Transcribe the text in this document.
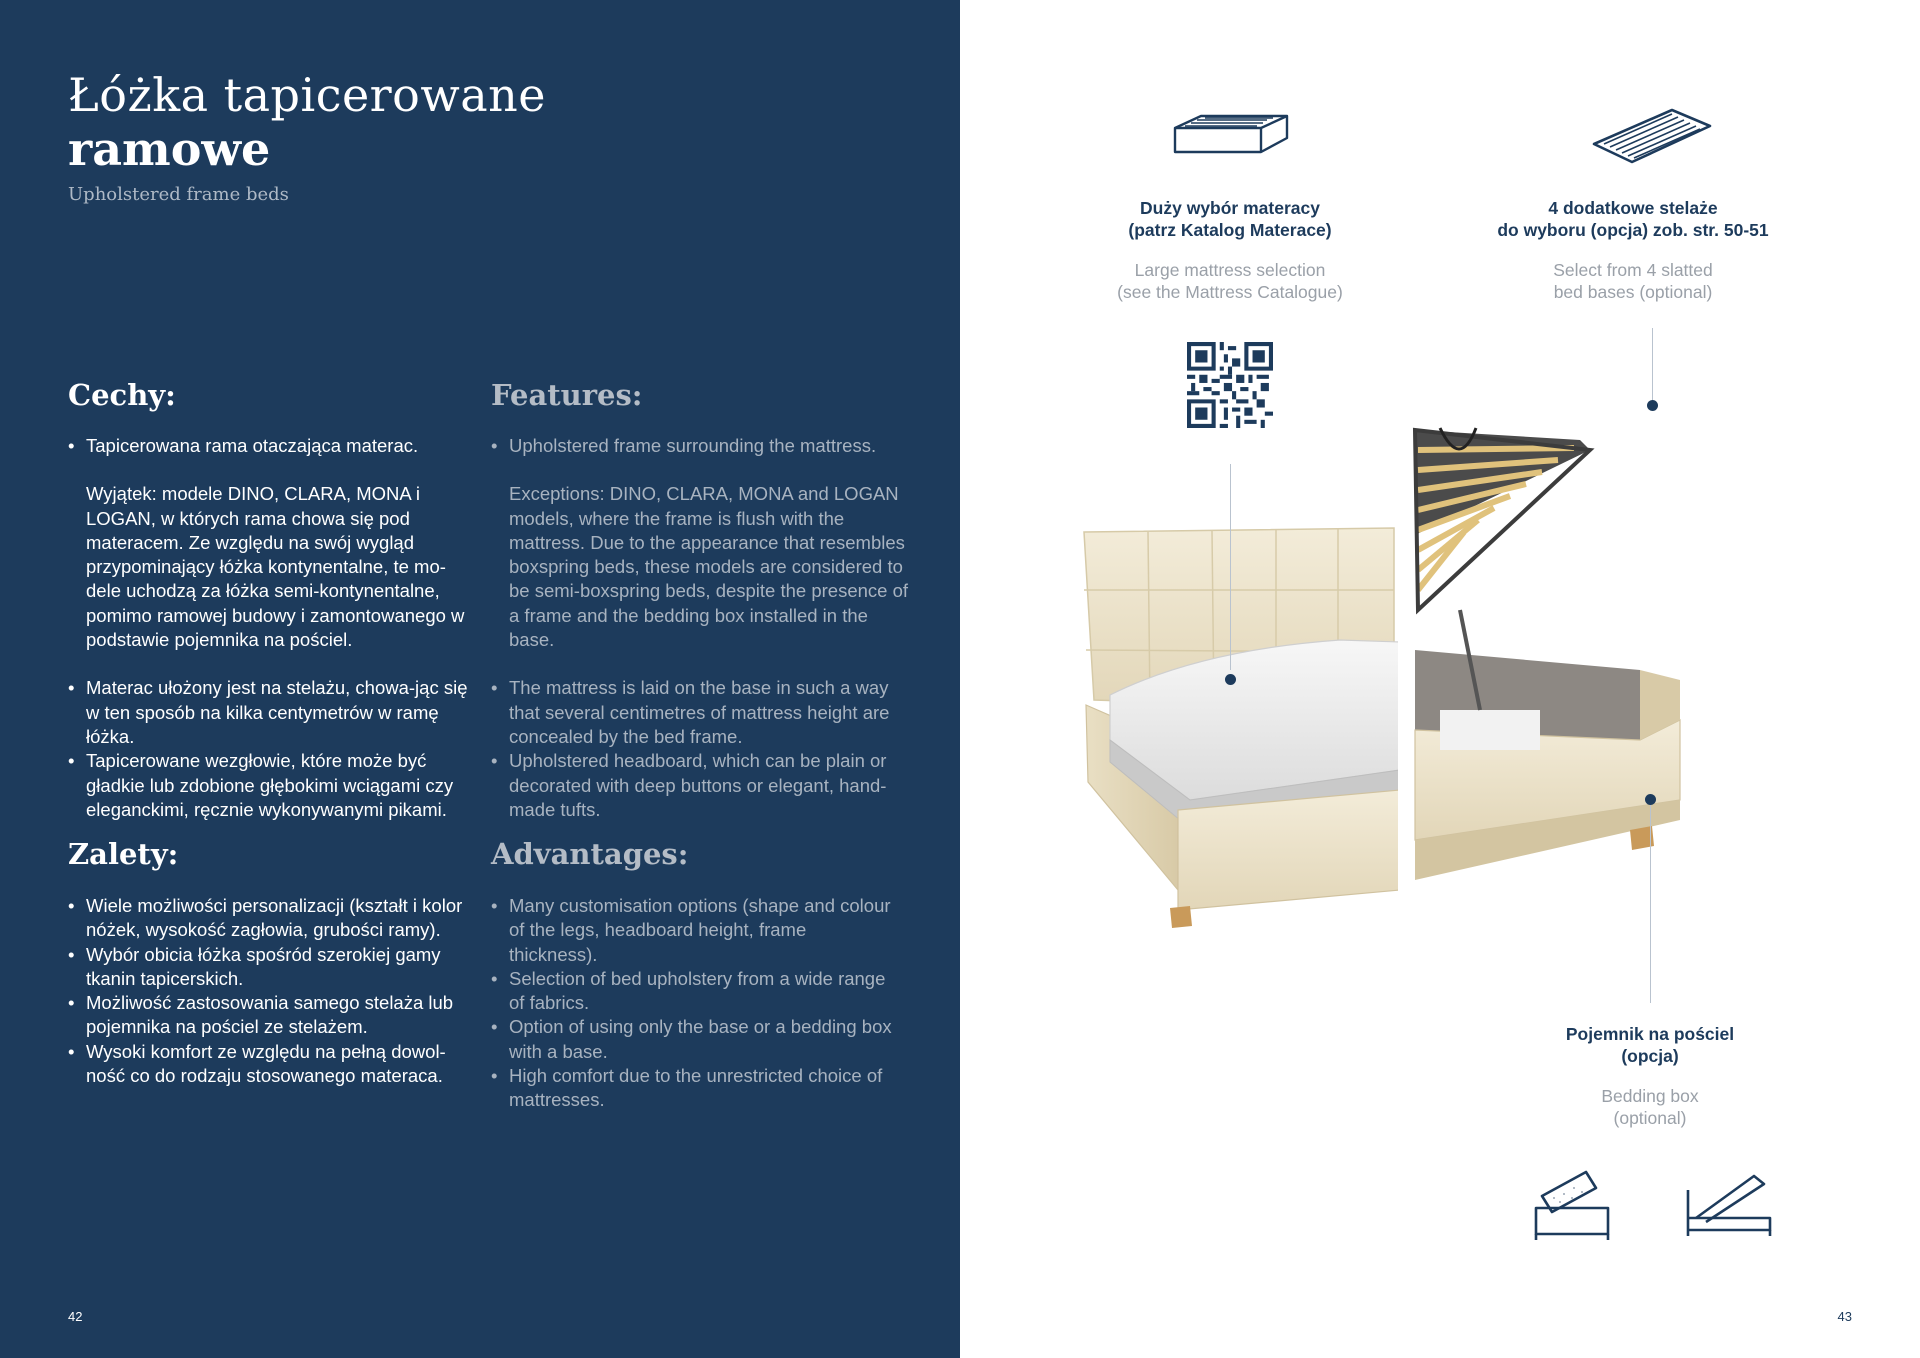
Łóżka tapicerowane
ramowe
Upholstered frame beds
Cechy:	Features:
• Tapicerowana rama otaczająca materac.
Wyjątek: modele DINO, CLARA, MONA i LOGAN, w których rama chowa się pod materacem. Ze względu na swój wygląd przypominający łóżka kontynentalne, te mo-dele uchodzą za łóżka semi-kontynentalne, pomimo ramowej budowy i zamontowanego w podstawie pojemnika na pościel.
• Materac ułożony jest na stelażu, chowa-jąc się w ten sposób na kilka centymetrów w ramę łóżka.
• Tapicerowane wezgłowie, które może być gładkie lub zdobione głębokimi wciągami czy eleganckimi, ręcznie wykonywanymi pikami.
• Upholstered frame surrounding the mattress.
Exceptions: DINO, CLARA, MONA and LOGAN models, where the frame is flush with the mattress. Due to the appearance that resembles boxspring beds, these models are considered to be semi-boxspring beds, despite the presence of a frame and the bedding box installed in the base.
• The mattress is laid on the base in such a way that several centimetres of mattress height are concealed by the bed frame.
• Upholstered headboard, which can be plain or decorated with deep buttons or elegant, hand-made tufts.
Zalety:	Advantages:
• Wiele możliwości personalizacji (kształt i kolor nóżek, wysokość zagłowia, grubości ramy).
• Wybór obicia łóżka spośród szerokiej gamy tkanin tapicerskich.
• Możliwość zastosowania samego stelaża lub pojemnika na pościel ze stelażem.
• Wysoki komfort ze względu na pełną dowol-ność co do rodzaju stosowanego materaca.
• Many customisation options (shape and colour of the legs, headboard height, frame thickness).
• Selection of bed upholstery from a wide range of fabrics.
• Option of using only the base or a bedding box with a base.
• High comfort due to the unrestricted choice of mattresses.
42
Duży wybór materacy
(patrz Katalog Materace)
Large mattress selection
(see the Mattress Catalogue)
4 dodatkowe stelaże
do wyboru (opcja) zob. str. 50-51
Select from 4 slatted
bed bases (optional)
Pojemnik na pościel
(opcja)
Bedding box
(optional)
43
